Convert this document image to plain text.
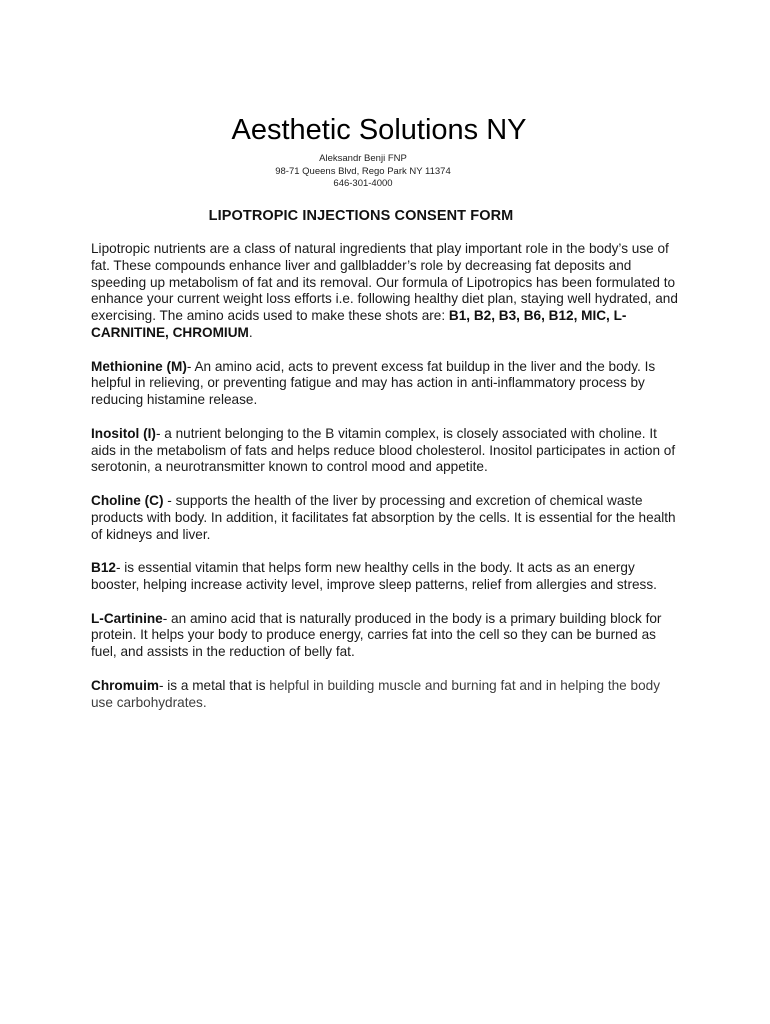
Aesthetic Solutions NY
Aleksandr Benji FNP
98-71 Queens Blvd, Rego Park NY 11374
646-301-4000
LIPOTROPIC INJECTIONS CONSENT FORM

Lipotropic nutrients are a class of natural ingredients that play important role in the body’s use of fat. These compounds enhance liver and gallbladder’s role by decreasing fat deposits and speeding up metabolism of fat and its removal. Our formula of Lipotropics has been formulated to enhance your current weight loss efforts i.e. following healthy diet plan, staying well hydrated, and exercising. The amino acids used to make these shots are: B1, B2, B3, B6, B12, MIC, L-CARNITINE, CHROMIUM.

Methionine (M)- An amino acid, acts to prevent excess fat buildup in the liver and the body. Is helpful in relieving, or preventing fatigue and may has action in anti-inflammatory process by reducing histamine release.

Inositol (I)- a nutrient belonging to the B vitamin complex, is closely associated with choline. It aids in the metabolism of fats and helps reduce blood cholesterol. Inositol participates in action of serotonin, a neurotransmitter known to control mood and appetite.

Choline (C) - supports the health of the liver by processing and excretion of chemical waste products with body. In addition, it facilitates fat absorption by the cells. It is essential for the health of kidneys and liver.

B12- is essential vitamin that helps form new healthy cells in the body. It acts as an energy booster, helping increase activity level, improve sleep patterns, relief from allergies and stress.

L-Cartinine- an amino acid that is naturally produced in the body is a primary building block for protein. It helps your body to produce energy, carries fat into the cell so they can be burned as fuel, and assists in the reduction of belly fat.

Chromuim- is a metal that is helpful in building muscle and burning fat and in helping the body use carbohydrates.
